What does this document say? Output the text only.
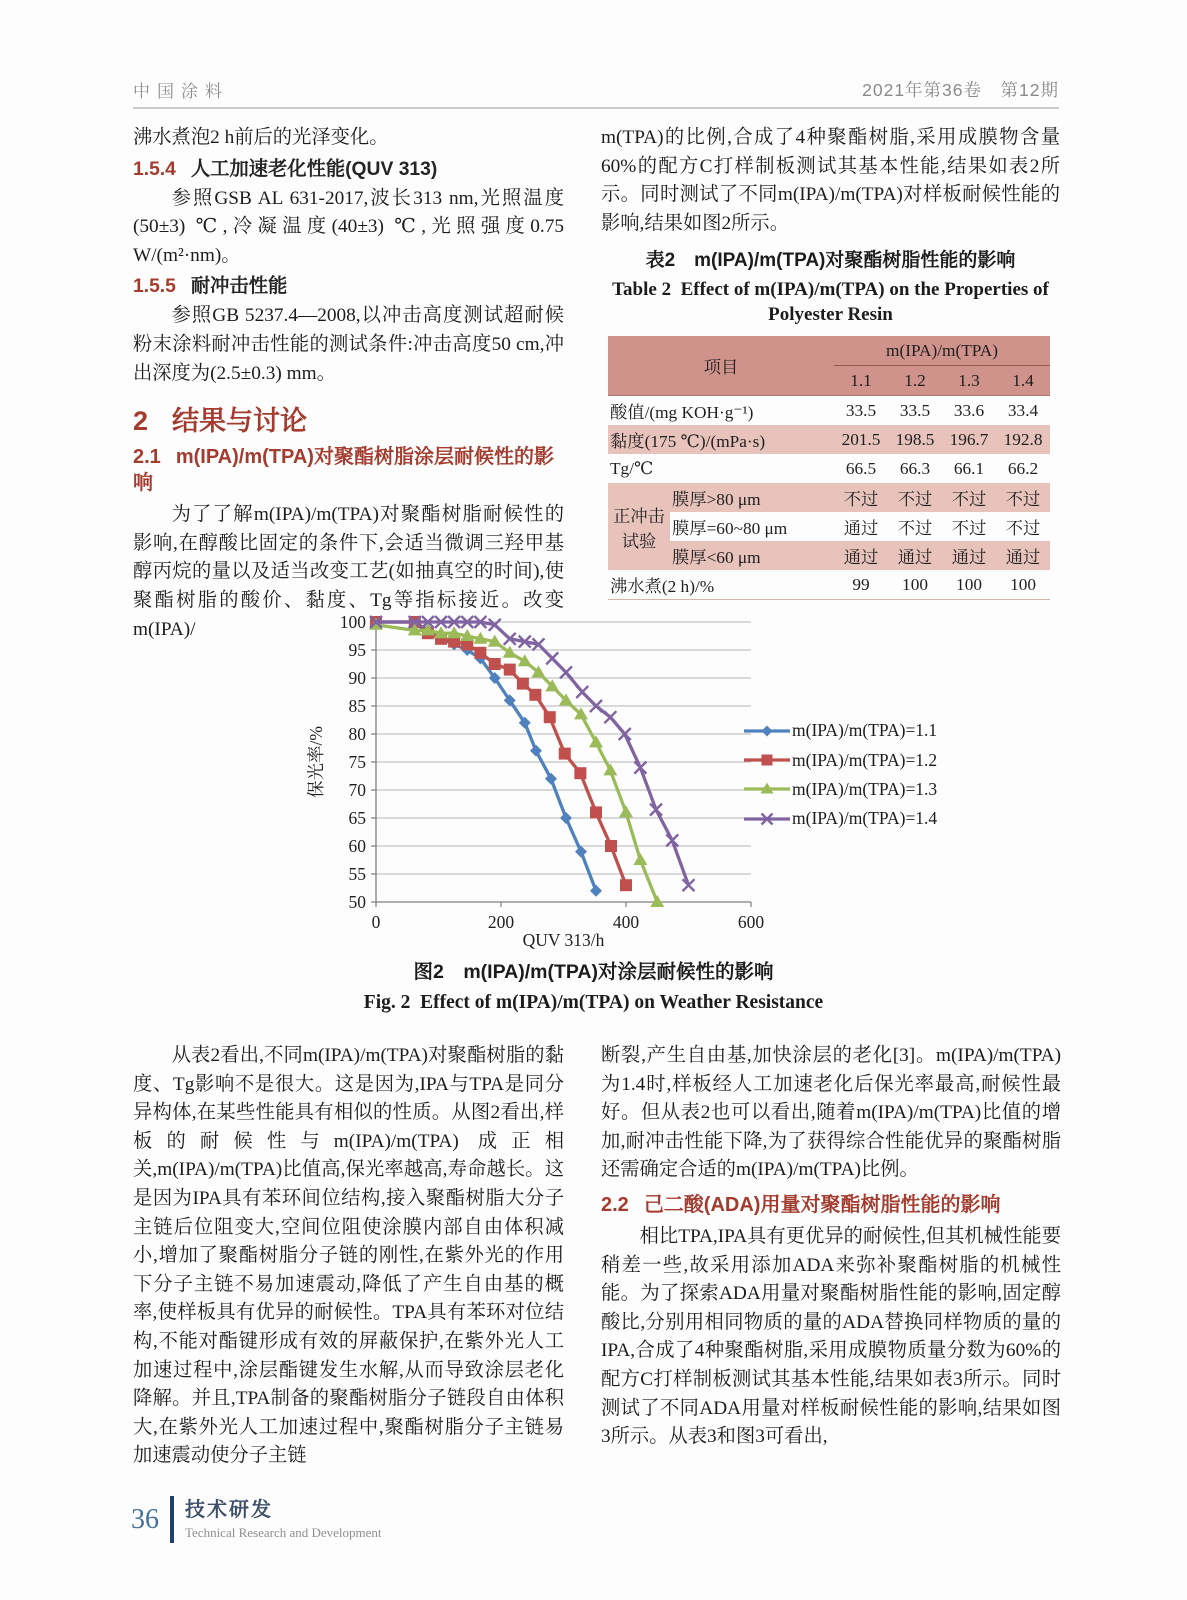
中国涂料	2021年第36卷 第12期

沸水煮泡2 h前后的光泽变化。

1.5.4 人工加速老化性能(QUV 313)

参照GSB AL 631-2017,波长313 nm,光照温度(50±3) ℃,冷凝温度(40±3) ℃,光照强度0.75 W/(m²·nm)。

1.5.5 耐冲击性能

参照GB 5237.4—2008,以冲击高度测试超耐候粉末涂料耐冲击性能的测试条件:冲击高度50 cm,冲出深度为(2.5±0.3) mm。

2 结果与讨论
2.1 m(IPA)/m(TPA)对聚酯树脂涂层耐候性的影响

为了了解m(IPA)/m(TPA)对聚酯树脂耐候性的影响,在醇酸比固定的条件下,会适当微调三羟甲基醇丙烷的量以及适当改变工艺(如抽真空的时间),使聚酯树脂的酸价、黏度、Tg等指标接近。改变m(IPA)/

m(TPA)的比例,合成了4种聚酯树脂,采用成膜物含量60%的配方C打样制板测试其基本性能,结果如表2所示。同时测试了不同m(IPA)/m(TPA)对样板耐候性能的影响,结果如图2所示。

表2 m(IPA)/m(TPA)对聚酯树脂性能的影响
Table 2 Effect of m(IPA)/m(TPA) on the Properties of Polyester Resin
项目		m(IPA)/m(TPA)			
		1.1	1.2	1.3	1.4
酸值/(mg KOH·g⁻¹)		33.5	33.5	33.6	33.4
黏度(175 ℃)/(mPa·s)		201.5	198.5	196.7	192.8
Tg/℃		66.5	66.3	66.1	66.2
正冲击试验	膜厚>80 μm	不过	不过	不过	不过
	膜厚=60~80 μm	通过	不过	不过	不过
	膜厚<60 μm	通过	通过	通过	通过
沸水煮(2 h)/%		99	100	100	100
50
55
60
65
70
75
80
85
90
95
100
0	200	400	600
保光率/%
QUV 313/h
m(IPA)/m(TPA)=1.1
m(IPA)/m(TPA)=1.2
m(IPA)/m(TPA)=1.3
m(IPA)/m(TPA)=1.4
图2 m(IPA)/m(TPA)对涂层耐候性的影响
Fig. 2 Effect of m(IPA)/m(TPA) on Weather Resistance

从表2看出,不同m(IPA)/m(TPA)对聚酯树脂的黏度、Tg影响不是很大。这是因为,IPA与TPA是同分异构体,在某些性能具有相似的性质。从图2看出,样板的耐候性与m(IPA)/m(TPA) 成正相关,m(IPA)/m(TPA)比值高,保光率越高,寿命越长。这是因为IPA具有苯环间位结构,接入聚酯树脂大分子主链后位阻变大,空间位阻使涂膜内部自由体积减小,增加了聚酯树脂分子链的刚性,在紫外光的作用下分子主链不易加速震动,降低了产生自由基的概率,使样板具有优异的耐候性。TPA具有苯环对位结构,不能对酯键形成有效的屏蔽保护,在紫外光人工加速过程中,涂层酯键发生水解,从而导致涂层老化降解。并且,TPA制备的聚酯树脂分子链段自由体积大,在紫外光人工加速过程中,聚酯树脂分子主链易加速震动使分子主链

断裂,产生自由基,加快涂层的老化[3]。m(IPA)/m(TPA)为1.4时,样板经人工加速老化后保光率最高,耐候性最好。但从表2也可以看出,随着m(IPA)/m(TPA)比值的增加,耐冲击性能下降,为了获得综合性能优异的聚酯树脂还需确定合适的m(IPA)/m(TPA)比例。

2.2 己二酸(ADA)用量对聚酯树脂性能的影响

相比TPA,IPA具有更优异的耐候性,但其机械性能要稍差一些,故采用添加ADA来弥补聚酯树脂的机械性能。为了探索ADA用量对聚酯树脂性能的影响,固定醇酸比,分别用相同物质的量的ADA替换同样物质的量的IPA,合成了4种聚酯树脂,采用成膜物质量分数为60%的配方C打样制板测试其基本性能,结果如表3所示。同时测试了不同ADA用量对样板耐候性能的影响,结果如图3所示。从表3和图3可看出,

36 技术研发
Technical Research and Development
